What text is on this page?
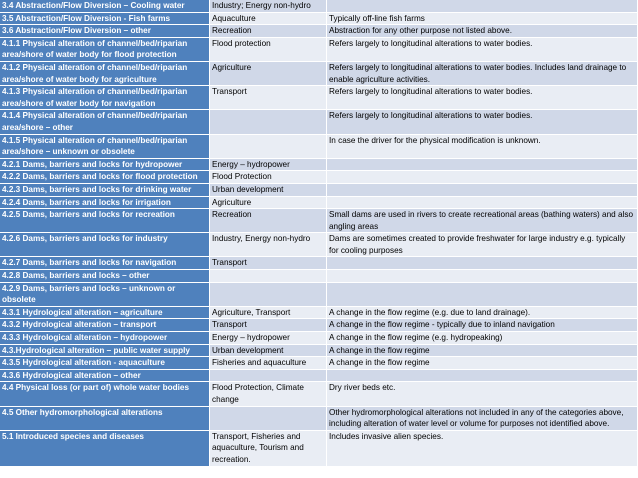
3.4 Abstraction/Flow Diversion – Cooling water	Industry; Energy non-hydro	
3.5 Abstraction/Flow Diversion - Fish farms	Aquaculture	Typically off-line fish farms
3.6 Abstraction/Flow Diversion – other	Recreation	Abstraction for any other purpose not listed above.
4.1.1 Physical alteration of channel/bed/riparian area/shore of water body for flood protection	Flood protection	Refers largely to longitudinal alterations to water bodies.
4.1.2 Physical alteration of channel/bed/riparian area/shore of water body for agriculture	Agriculture	Refers largely to longitudinal alterations to water bodies. Includes land drainage to enable agriculture activities.
4.1.3 Physical alteration of channel/bed/riparian area/shore of water body for navigation	Transport	Refers largely to longitudinal alterations to water bodies.
4.1.4 Physical alteration of channel/bed/riparian area/shore – other		Refers largely to longitudinal alterations to water bodies.
4.1.5 Physical alteration of channel/bed/riparian area/shore – unknown or obsolete		In case the driver for the physical modification is unknown.
4.2.1 Dams, barriers and locks for hydropower	Energy – hydropower	
4.2.2 Dams, barriers and locks for flood protection	Flood Protection	
4.2.3 Dams, barriers and locks for drinking water	Urban development	
4.2.4 Dams, barriers and locks for irrigation	Agriculture	
4.2.5 Dams, barriers and locks for recreation	Recreation	Small dams are used in rivers to create recreational areas (bathing waters) and also angling areas
4.2.6 Dams, barriers and locks for industry	Industry, Energy non-hydro	Dams are sometimes created to provide freshwater for large industry e.g. typically for cooling purposes
4.2.7 Dams, barriers and locks for navigation	Transport	
4.2.8 Dams, barriers and locks – other		
4.2.9 Dams, barriers and locks – unknown or obsolete		
4.3.1 Hydrological alteration – agriculture	Agriculture, Transport	A change in the flow regime (e.g. due to land drainage).
4.3.2 Hydrological alteration – transport	Transport	A change in the flow regime - typically due to inland navigation
4.3.3 Hydrological alteration – hydropower	Energy – hydropower	A change in the flow regime (e.g. hydropeaking)
4.3.Hydrological alteration – public water supply	Urban development	A change in the flow regime
4.3.5 Hydrological alteration - aquaculture	Fisheries and aquaculture	A change in the flow regime
4.3.6 Hydrological alteration – other		
4.4 Physical loss (or part of) whole water bodies	Flood Protection, Climate change	Dry river beds etc.
4.5 Other hydromorphological alterations		Other hydromorphological alterations not included in any of the categories above, including alteration of water level or volume for purposes not identified above.
5.1 Introduced species and diseases	Transport, Fisheries and aquaculture, Tourism and recreation.	Includes invasive alien species.
